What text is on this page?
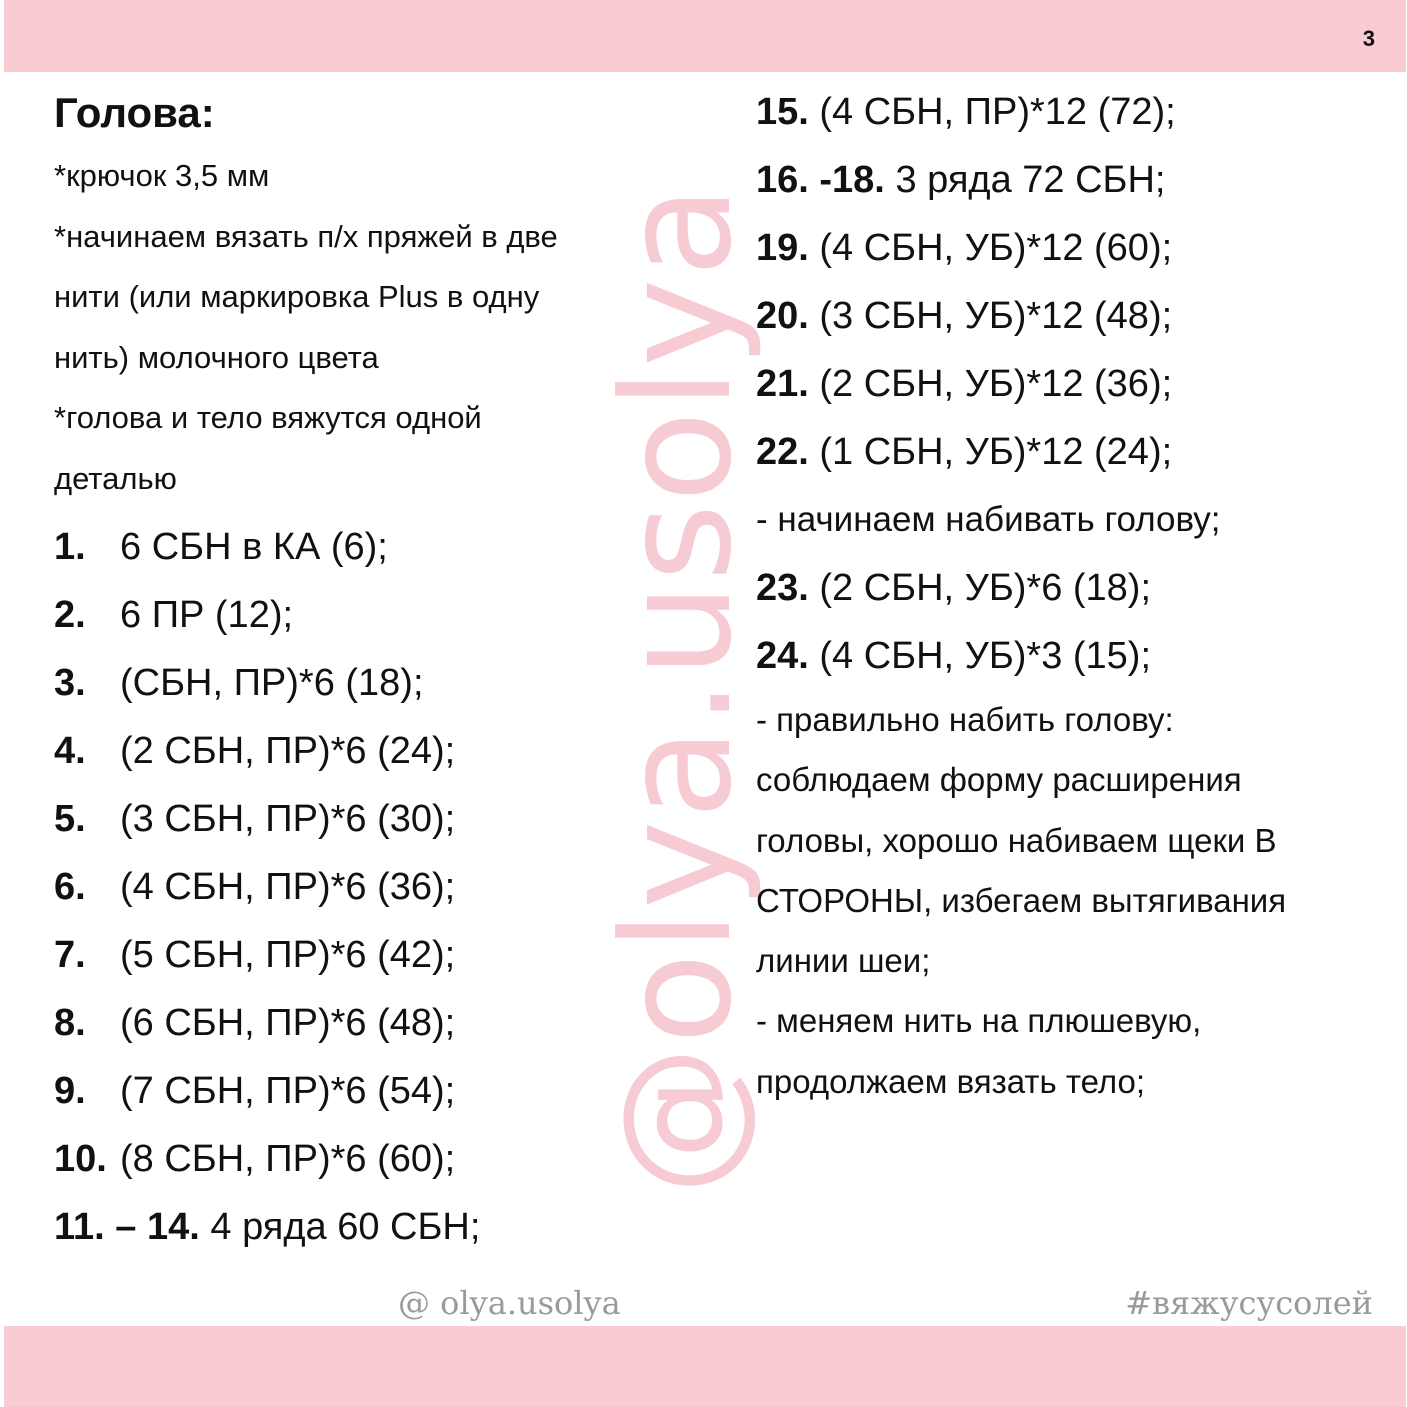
3
@olya.usolya
Голова:
*крючок 3,5 мм
*начинаем вязать п/х пряжей в две
нити (или маркировка Plus в одну
нить) молочного цвета
*голова и тело вяжутся одной
деталью
1. 6 СБН в КА (6);
2. 6 ПР (12);
3. (СБН, ПР)*6 (18);
4. (2 СБН, ПР)*6 (24);
5. (3 СБН, ПР)*6 (30);
6. (4 СБН, ПР)*6 (36);
7. (5 СБН, ПР)*6 (42);
8. (6 СБН, ПР)*6 (48);
9. (7 СБН, ПР)*6 (54);
10. (8 СБН, ПР)*6 (60);
11. – 14. 4 ряда 60 СБН;
15. (4 СБН, ПР)*12 (72);
16. -18. 3 ряда 72 СБН;
19. (4 СБН, УБ)*12 (60);
20. (3 СБН, УБ)*12 (48);
21. (2 СБН, УБ)*12 (36);
22. (1 СБН, УБ)*12 (24);
- начинаем набивать голову;
23. (2 СБН, УБ)*6 (18);
24. (4 СБН, УБ)*3 (15);
- правильно набить голову:
соблюдаем форму расширения
головы, хорошо набиваем щеки В
СТОРОНЫ, избегаем вытягивания
линии шеи;
- меняем нить на плюшевую,
продолжаем вязать тело;
@ olya.usolya	#вяжусусолей
